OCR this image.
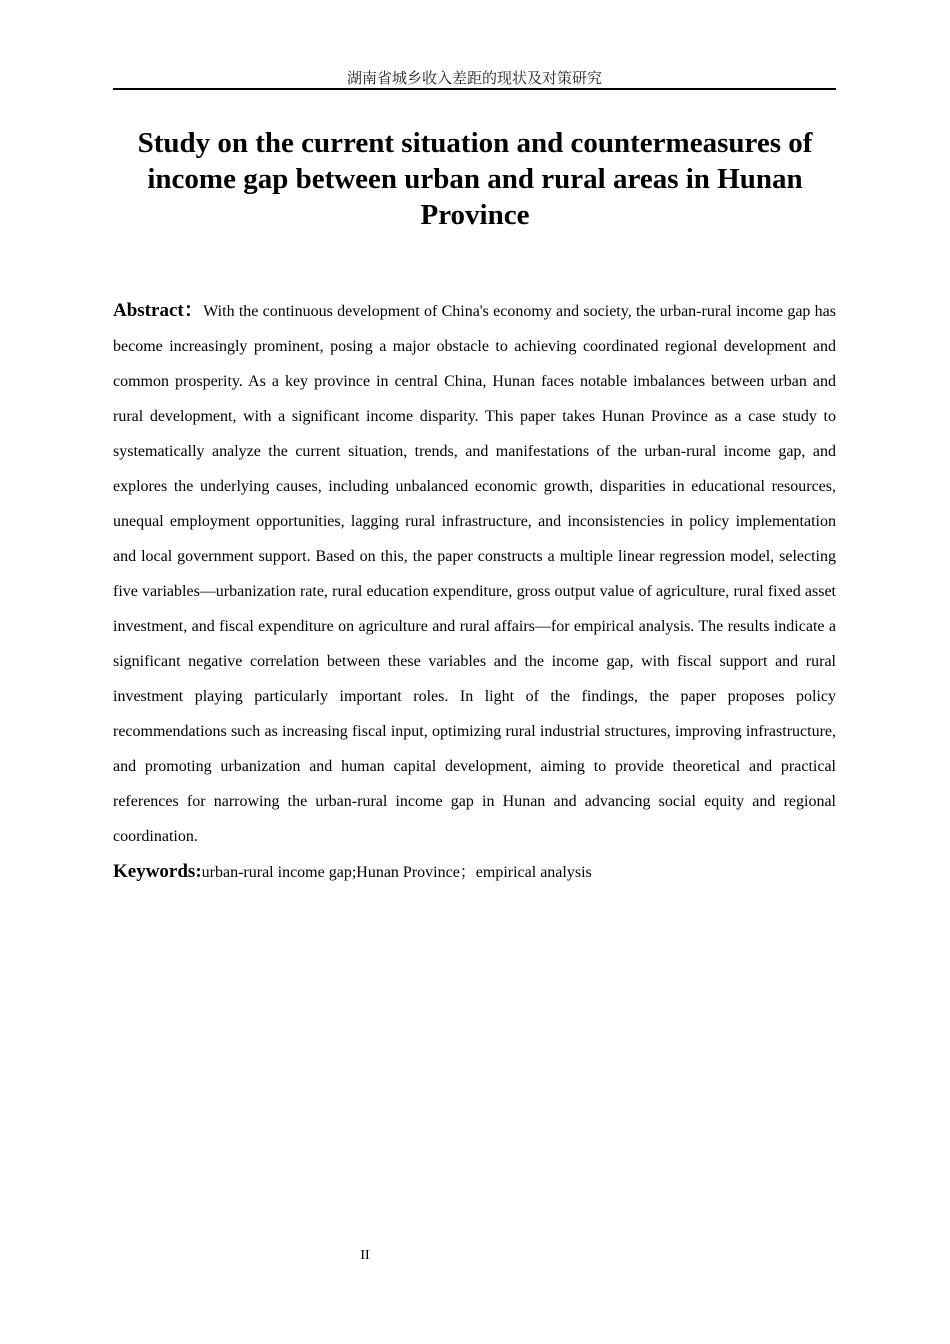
湖南省城乡收入差距的现状及对策研究
Study on the current situation and countermeasures of income gap between urban and rural areas in Hunan Province

Abstract：With the continuous development of China's economy and society, the urban-rural income gap has become increasingly prominent, posing a major obstacle to achieving coordinated regional development and common prosperity. As a key province in central China, Hunan faces notable imbalances between urban and rural development, with a significant income disparity. This paper takes Hunan Province as a case study to systematically analyze the current situation, trends, and manifestations of the urban-rural income gap, and explores the underlying causes, including unbalanced economic growth, disparities in educational resources, unequal employment opportunities, lagging rural infrastructure, and inconsistencies in policy implementation and local government support. Based on this, the paper constructs a multiple linear regression model, selecting five variables—urbanization rate, rural education expenditure, gross output value of agriculture, rural fixed asset investment, and fiscal expenditure on agriculture and rural affairs—for empirical analysis. The results indicate a significant negative correlation between these variables and the income gap, with fiscal support and rural investment playing particularly important roles. In light of the findings, the paper proposes policy recommendations such as increasing fiscal input, optimizing rural industrial structures, improving infrastructure, and promoting urbanization and human capital development, aiming to provide theoretical and practical references for narrowing the urban-rural income gap in Hunan and advancing social equity and regional coordination.

Keywords:urban-rural income gap;Hunan Province；empirical analysis

II
